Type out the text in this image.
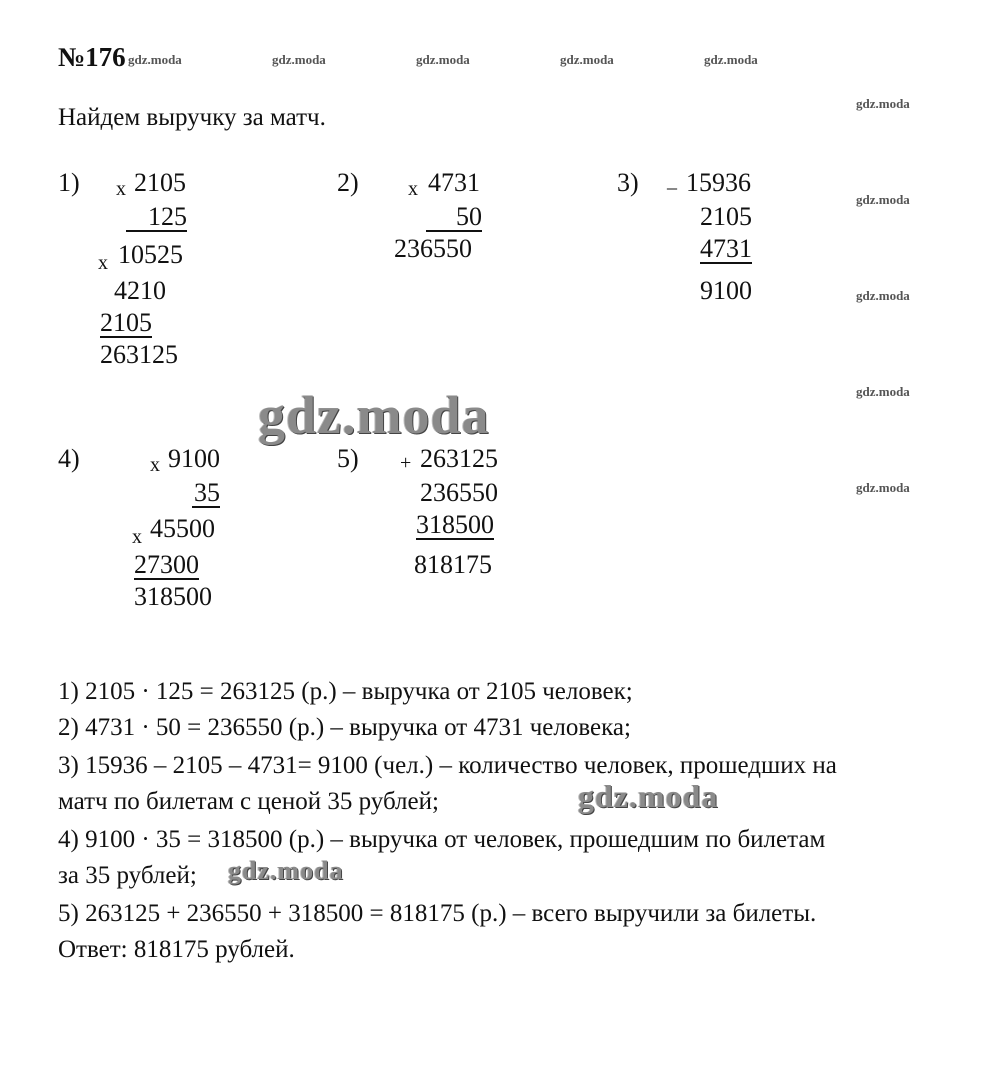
№176
Найдем выручку за матч.
gdz.moda	gdz.moda	gdz.moda	gdz.moda	gdz.moda
gdz.moda
gdz.moda
gdz.moda
gdz.moda
gdz.moda
gdz.moda
gdz.moda
gdz.moda
1) x 2105
125
x 10525
4210
2105
263125
2) x 4731
50
236550
3) _ 15936
2105
4731
9100
4)	x 9100
35
x 45500
27300
318500
5) + 263125
236550
318500
818175
1) 2105 · 125 = 263125 (р.) – выручка от 2105 человек;
2) 4731 · 50 = 236550 (р.) – выручка от 4731 человека;
3) 15936 – 2105 – 4731= 9100 (чел.) – количество человек, прошедших на
матч по билетам с ценой 35 рублей;
4) 9100 · 35 = 318500 (р.) – выручка от человек, прошедшим по билетам
за 35 рублей;
5) 263125 + 236550 + 318500 = 818175 (р.) – всего выручили за билеты.
Ответ: 818175 рублей.
